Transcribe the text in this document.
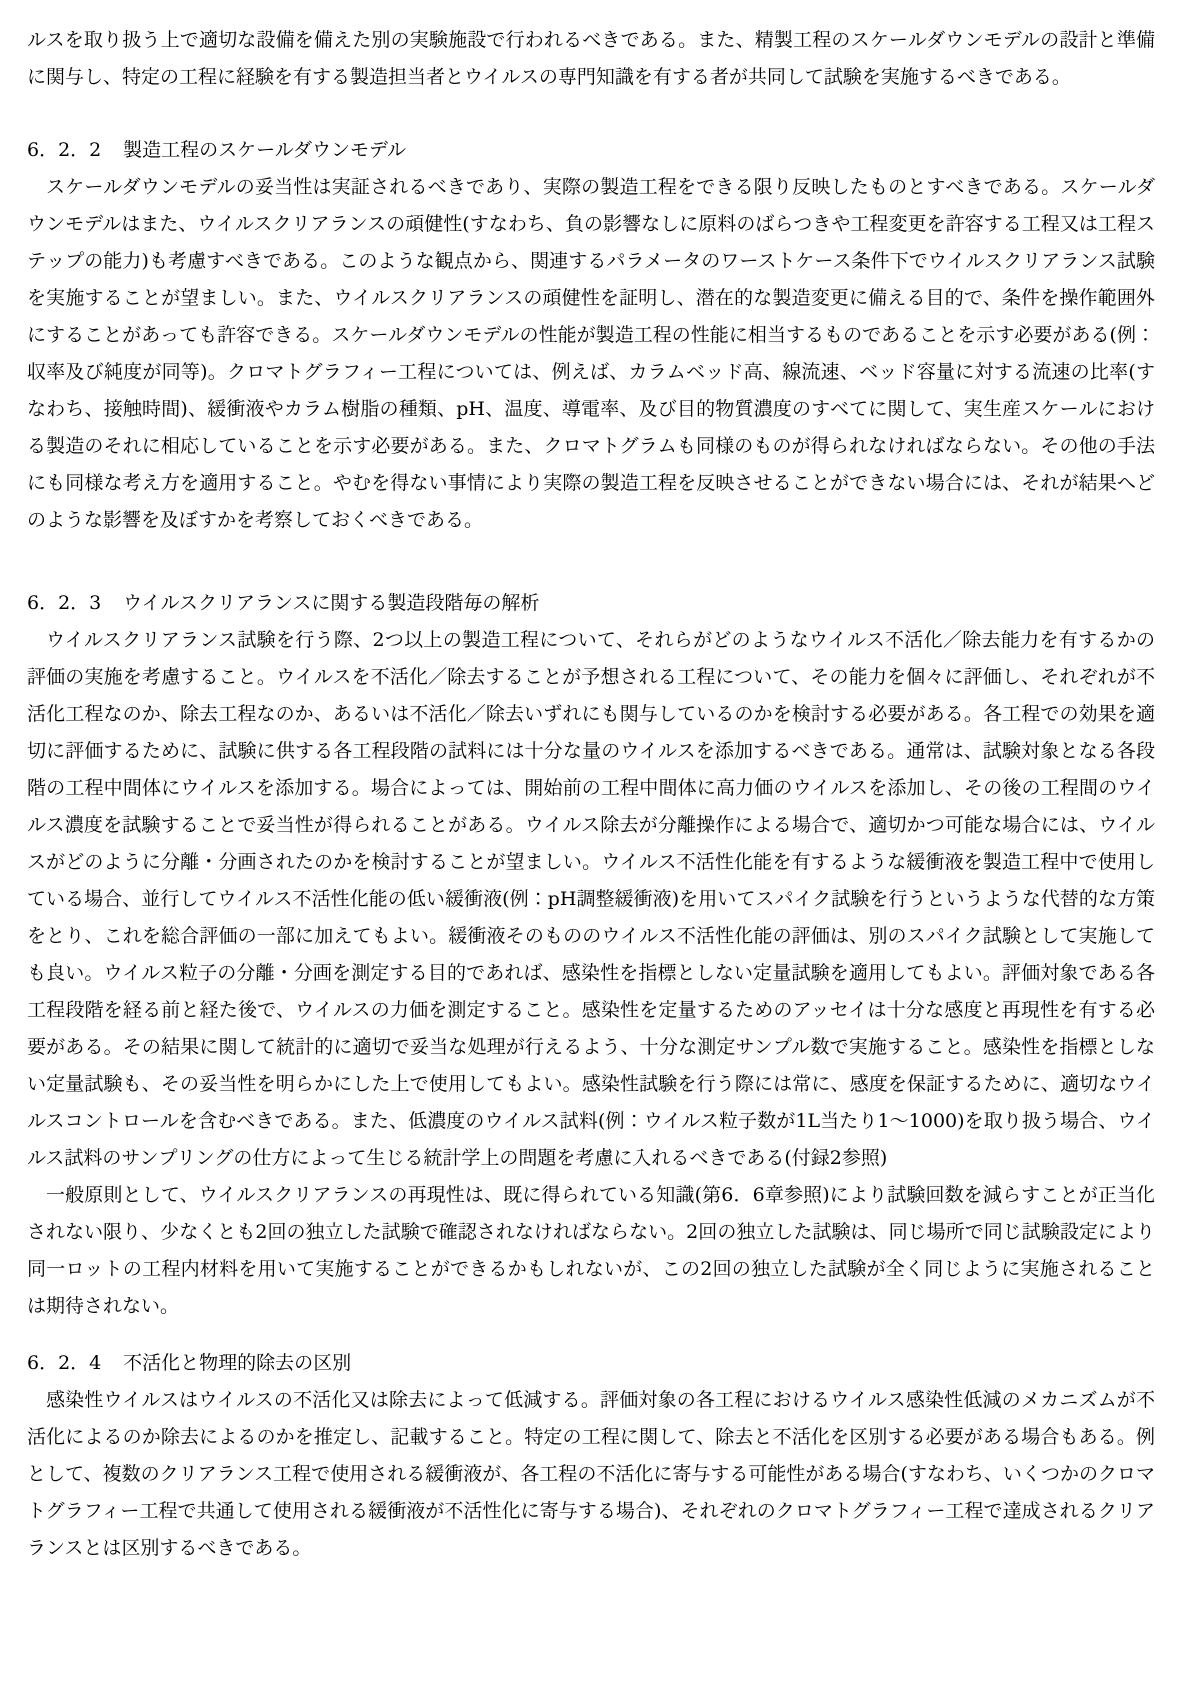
ルスを取り扱う上で適切な設備を備えた別の実験施設で行われるべきである。また、精製工程のスケールダウンモデルの設計と準備に関与し、特定の工程に経験を有する製造担当者とウイルスの専門知識を有する者が共同して試験を実施するべきである。

6．2．2 製造工程のスケールダウンモデル

スケールダウンモデルの妥当性は実証されるべきであり、実際の製造工程をできる限り反映したものとすべきである。スケールダウンモデルはまた、ウイルスクリアランスの頑健性(すなわち、負の影響なしに原料のばらつきや工程変更を許容する工程又は工程ステップの能力)も考慮すべきである。このような観点から、関連するパラメータのワーストケース条件下でウイルスクリアランス試験を実施することが望ましい。また、ウイルスクリアランスの頑健性を証明し、潜在的な製造変更に備える目的で、条件を操作範囲外にすることがあっても許容できる。スケールダウンモデルの性能が製造工程の性能に相当するものであることを示す必要がある(例：収率及び純度が同等)。クロマトグラフィー工程については、例えば、カラムベッド高、線流速、ベッド容量に対する流速の比率(すなわち、接触時間)、緩衝液やカラム樹脂の種類、pH、温度、導電率、及び目的物質濃度のすべてに関して、実生産スケールにおける製造のそれに相応していることを示す必要がある。また、クロマトグラムも同様のものが得られなければならない。その他の手法にも同様な考え方を適用すること。やむを得ない事情により実際の製造工程を反映させることができない場合には、それが結果へどのような影響を及ぼすかを考察しておくべきである。

6．2．3 ウイルスクリアランスに関する製造段階毎の解析

ウイルスクリアランス試験を行う際、2つ以上の製造工程について、それらがどのようなウイルス不活化／除去能力を有するかの評価の実施を考慮すること。ウイルスを不活化／除去することが予想される工程について、その能力を個々に評価し、それぞれが不活化工程なのか、除去工程なのか、あるいは不活化／除去いずれにも関与しているのかを検討する必要がある。各工程での効果を適切に評価するために、試験に供する各工程段階の試料には十分な量のウイルスを添加するべきである。通常は、試験対象となる各段階の工程中間体にウイルスを添加する。場合によっては、開始前の工程中間体に高力価のウイルスを添加し、その後の工程間のウイルス濃度を試験することで妥当性が得られることがある。ウイルス除去が分離操作による場合で、適切かつ可能な場合には、ウイルスがどのように分離・分画されたのかを検討することが望ましい。ウイルス不活性化能を有するような緩衝液を製造工程中で使用している場合、並行してウイルス不活性化能の低い緩衝液(例：pH調整緩衝液)を用いてスパイク試験を行うというような代替的な方策をとり、これを総合評価の一部に加えてもよい。緩衝液そのもののウイルス不活性化能の評価は、別のスパイク試験として実施しても良い。ウイルス粒子の分離・分画を測定する目的であれば、感染性を指標としない定量試験を適用してもよい。評価対象である各工程段階を経る前と経た後で、ウイルスの力価を測定すること。感染性を定量するためのアッセイは十分な感度と再現性を有する必要がある。その結果に関して統計的に適切で妥当な処理が行えるよう、十分な測定サンプル数で実施すること。感染性を指標としない定量試験も、その妥当性を明らかにした上で使用してもよい。感染性試験を行う際には常に、感度を保証するために、適切なウイルスコントロールを含むべきである。また、低濃度のウイルス試料(例：ウイルス粒子数が1L当たり1〜1000)を取り扱う場合、ウイルス試料のサンプリングの仕方によって生じる統計学上の問題を考慮に入れるべきである(付録2参照)

一般原則として、ウイルスクリアランスの再現性は、既に得られている知識(第6．6章参照)により試験回数を減らすことが正当化されない限り、少なくとも2回の独立した試験で確認されなければならない。2回の独立した試験は、同じ場所で同じ試験設定により同一ロットの工程内材料を用いて実施することができるかもしれないが、この2回の独立した試験が全く同じように実施されることは期待されない。

6．2．4 不活化と物理的除去の区別

感染性ウイルスはウイルスの不活化又は除去によって低減する。評価対象の各工程におけるウイルス感染性低減のメカニズムが不活化によるのか除去によるのかを推定し、記載すること。特定の工程に関して、除去と不活化を区別する必要がある場合もある。例として、複数のクリアランス工程で使用される緩衝液が、各工程の不活化に寄与する可能性がある場合(すなわち、いくつかのクロマトグラフィー工程で共通して使用される緩衝液が不活性化に寄与する場合)、それぞれのクロマトグラフィー工程で達成されるクリアランスとは区別するべきである。
